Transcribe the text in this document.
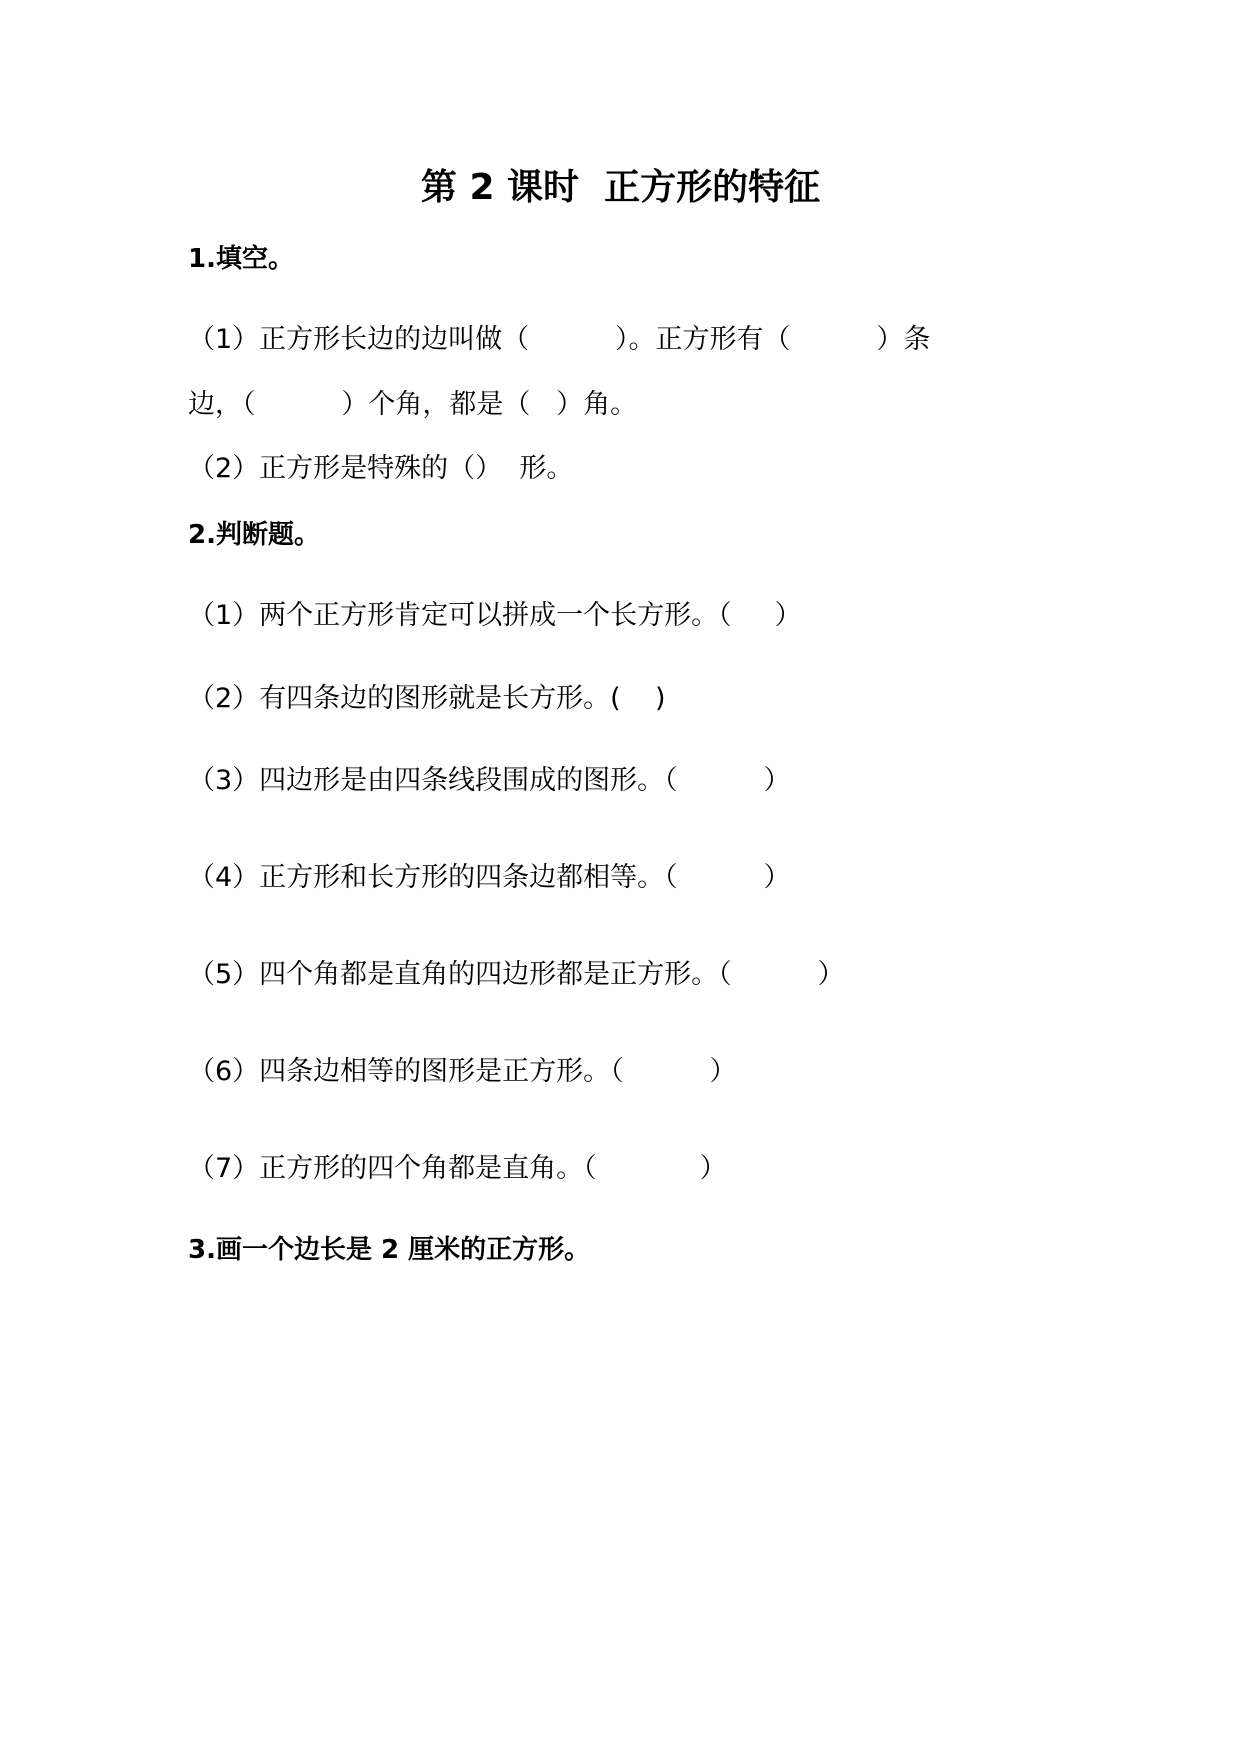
第 2 课时  正方形的特征
1.填空。
（1）正方形长边的边叫做（          ）。正方形有（          ）条
边，（          ）个角，都是（   ）角。
（2）正方形是特殊的（）  形。
2.判断题。
（1）两个正方形肯定可以拼成一个长方形。（     ）
（2）有四条边的图形就是长方形。(    )
（3）四边形是由四条线段围成的图形。（          ）
（4）正方形和长方形的四条边都相等。（          ）
（5）四个角都是直角的四边形都是正方形。（          ）
（6）四条边相等的图形是正方形。（          ）
（7）正方形的四个角都是直角。（            ）
3.画一个边长是 2 厘米的正方形。
